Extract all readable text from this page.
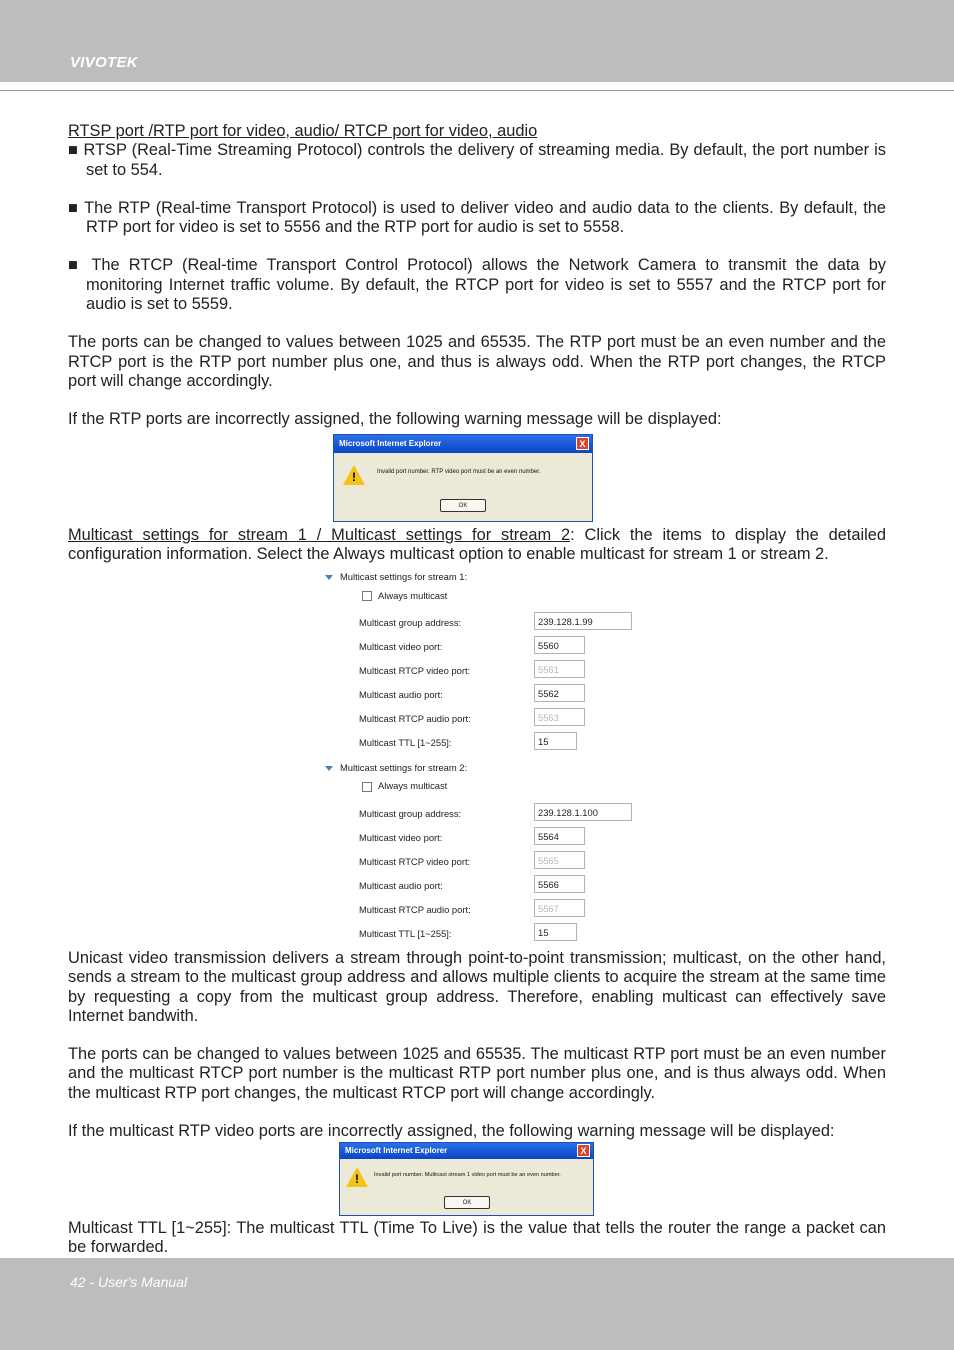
VIVOTEK

RTSP port /RTP port for video, audio/ RTCP port for video, audio

■ RTSP (Real-Time Streaming Protocol) controls the delivery of streaming media. By default, the port number is set to 554.

■ The RTP (Real-time Transport Protocol) is used to deliver video and audio data to the clients. By default, the RTP port for video is set to 5556 and the RTP port for audio is set to 5558.

■ The RTCP (Real-time Transport Control Protocol) allows the Network Camera to transmit the data by monitoring Internet traffic volume. By default, the RTCP port for video is set to 5557 and the RTCP port for audio is set to 5559.

The ports can be changed to values between 1025 and 65535. The RTP port must be an even number and the RTCP port is the RTP port number plus one, and thus is always odd. When the RTP port changes, the RTCP port will change accordingly.

If the RTP ports are incorrectly assigned, the following warning message will be displayed:

Microsoft Internet Explorer	X
!	Invalid port number. RTP video port must be an even number.
OK

Multicast settings for stream 1 / Multicast settings for stream 2: Click the items to display the detailed configuration information. Select the Always multicast option to enable multicast for stream 1 or stream 2.

Multicast settings for stream 1:
Always multicast
Multicast group address:
239.128.1.99
Multicast video port:
5560
Multicast RTCP video port:
5561
Multicast audio port:
5562
Multicast RTCP audio port:
5563
Multicast TTL [1~255]:
15
Multicast settings for stream 2:
Always multicast
Multicast group address:
239.128.1.100
Multicast video port:
5564
Multicast RTCP video port:
5565
Multicast audio port:
5566
Multicast RTCP audio port:
5567
Multicast TTL [1~255]:
15

Unicast video transmission delivers a stream through point-to-point transmission; multicast, on the other hand, sends a stream to the multicast group address and allows multiple clients to acquire the stream at the same time by requesting a copy from the multicast group address. Therefore, enabling multicast can effectively save Internet bandwith.

The ports can be changed to values between 1025 and 65535. The multicast RTP port must be an even number and the multicast RTCP port number is the multicast RTP port number plus one, and is thus always odd. When the multicast RTP port changes, the multicast RTCP port will change accordingly.

If the multicast RTP video ports are incorrectly assigned, the following warning message will be displayed:

Microsoft Internet Explorer	X
!	Invalid port number. Multicast stream 1 video port must be an even number.
OK

Multicast TTL [1~255]: The multicast TTL (Time To Live) is the value that tells the router the range a packet can be forwarded.

42 - User's Manual
